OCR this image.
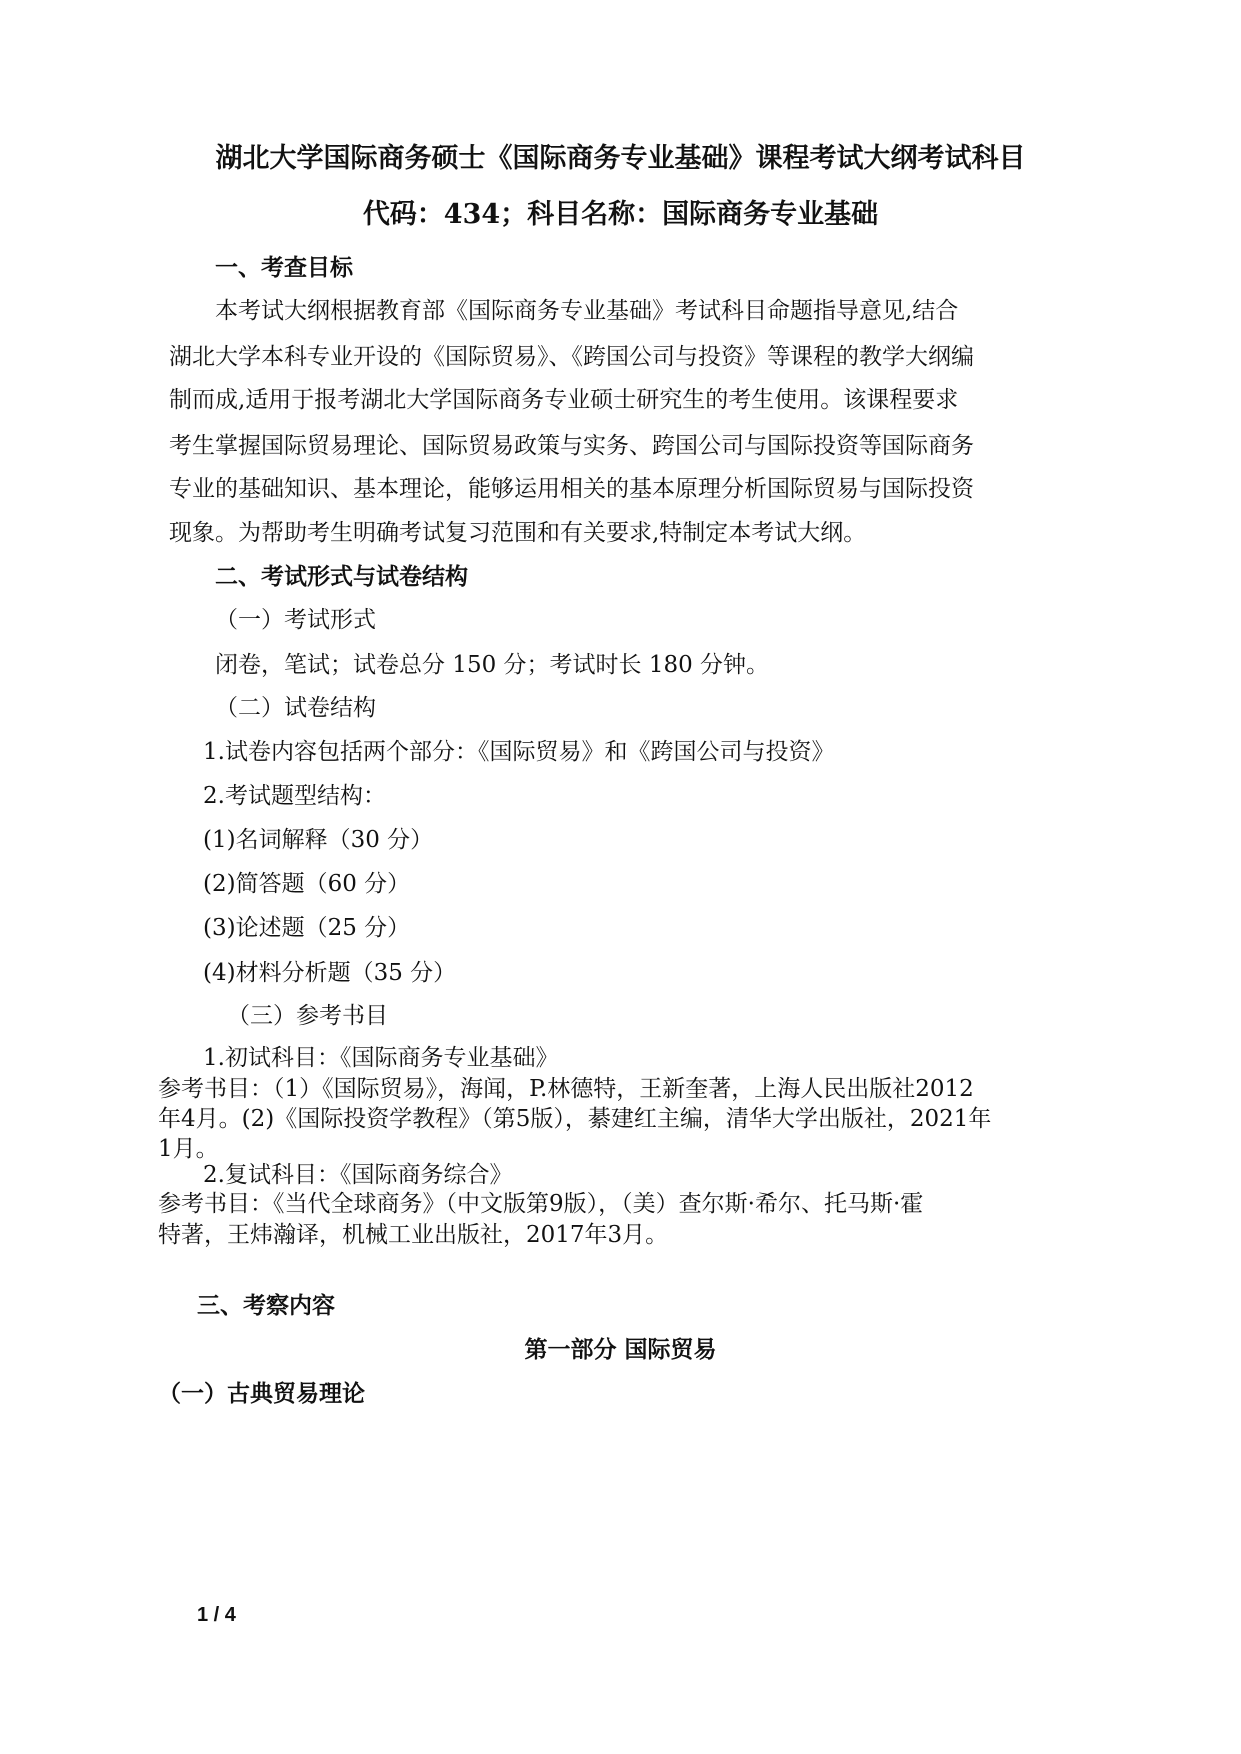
湖北大学国际商务硕士《国际商务专业基础》课程考试大纲考试科目
代码：434；科目名称：国际商务专业基础
一、考查目标
本考试大纲根据教育部《国际商务专业基础》考试科目命题指导意见,结合
湖北大学本科专业开设的《国际贸易》、《跨国公司与投资》等课程的教学大纲编
制而成,适用于报考湖北大学国际商务专业硕士研究生的考生使用。该课程要求
考生掌握国际贸易理论、国际贸易政策与实务、跨国公司与国际投资等国际商务
专业的基础知识、基本理论，能够运用相关的基本原理分析国际贸易与国际投资
现象。为帮助考生明确考试复习范围和有关要求,特制定本考试大纲。
二、考试形式与试卷结构
（一）考试形式
闭卷，笔试；试卷总分 150 分；考试时长 180 分钟。
（二）试卷结构
1.试卷内容包括两个部分：《国际贸易》和《跨国公司与投资》
2.考试题型结构：
(1)名词解释（30 分）
(2)简答题（60 分）
(3)论述题（25 分）
(4)材料分析题（35 分）
（三）参考书目
1.初试科目：《国际商务专业基础》
参考书目：（1）《国际贸易》，海闻，P.林德特，王新奎著，上海人民出版社2012
年4月。(2)《国际投资学教程》（第5版），綦建红主编，清华大学出版社，2021年
1月。
2.复试科目：《国际商务综合》
参考书目：《当代全球商务》（中文版第9版），（美）查尔斯·希尔、托马斯·霍
特著，王炜瀚译，机械工业出版社，2017年3月。
三、考察内容
第一部分 国际贸易
（一）古典贸易理论
1 / 4
